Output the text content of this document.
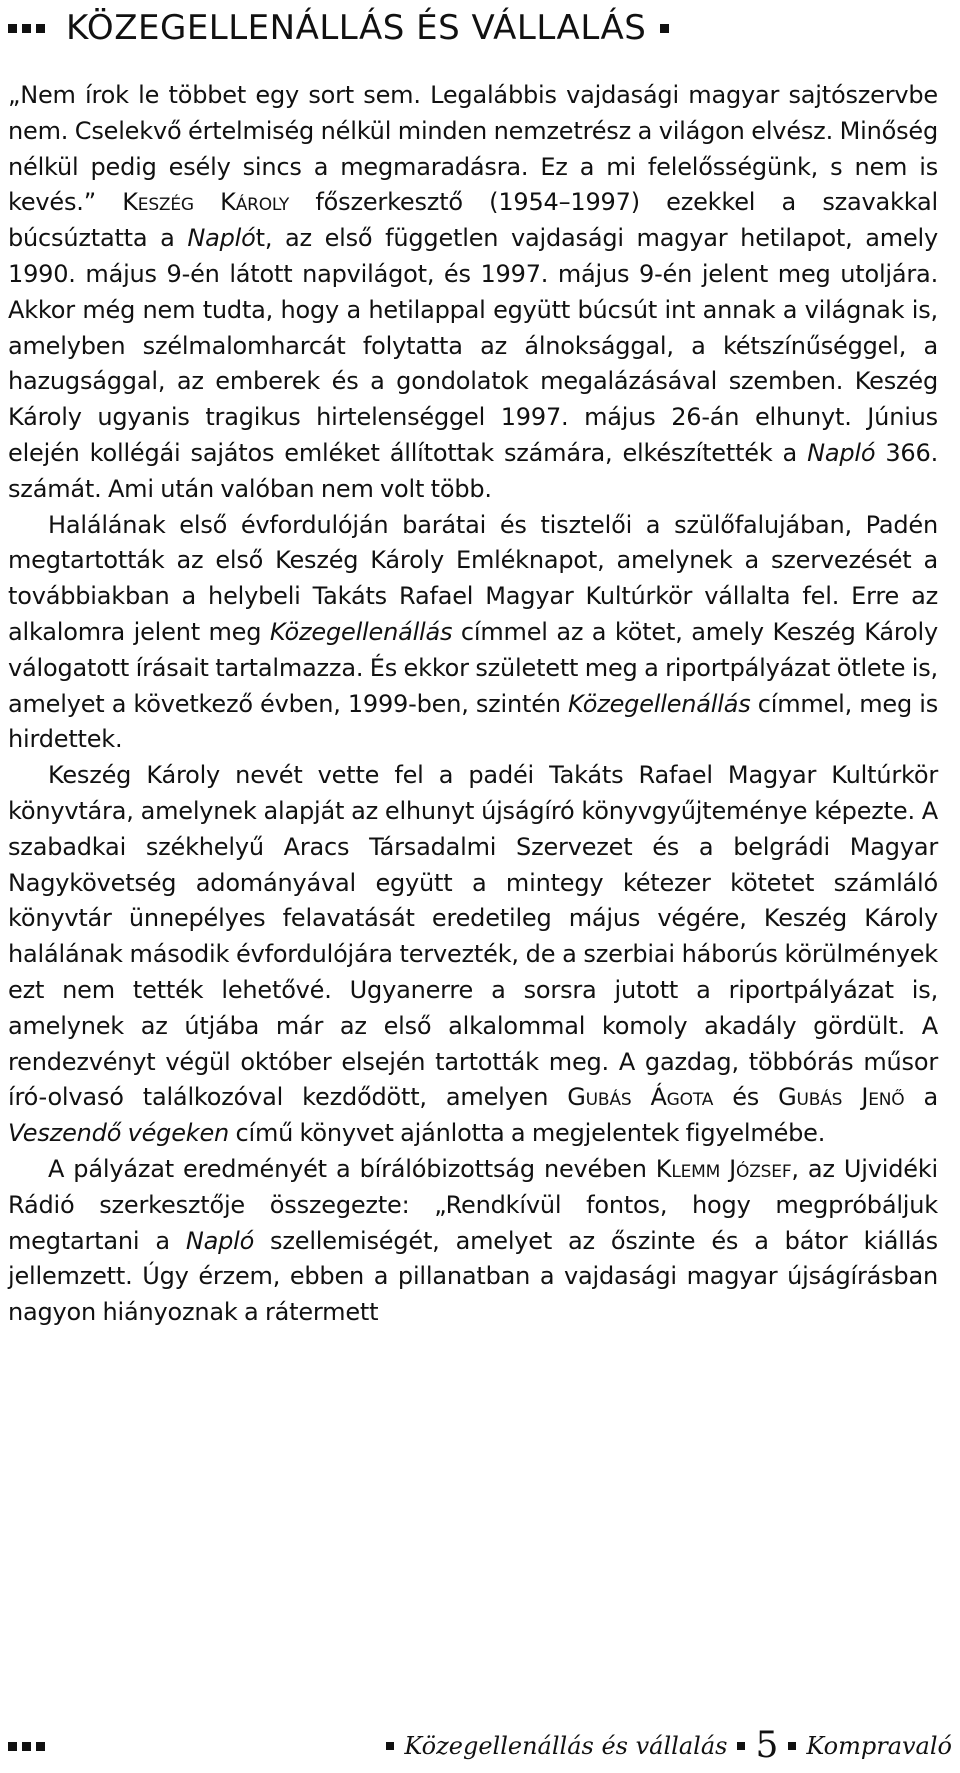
KÖZEGELLENÁLLÁS ÉS VÁLLALÁS

„Nem írok le többet egy sort sem. Legalábbis vajdasági magyar sajtószervbe nem. Cselekvő értelmiség nélkül minden nemzetrész a világon elvész. Minőség nélkül pedig esély sincs a megmaradásra. Ez a mi felelősségünk, s nem is kevés.” Keszég Károly főszerkesztő (1954–1997) ezekkel a szavakkal búcsúztatta a Naplót, az első független vajdasági magyar hetilapot, amely 1990. május 9-én látott napvilágot, és 1997. május 9-én jelent meg utoljára. Akkor még nem tudta, hogy a hetilappal együtt búcsút int annak a világnak is, amelyben szélmalomharcát folytatta az álnoksággal, a kétszínűséggel, a hazugsággal, az emberek és a gondolatok megalázásával szemben. Keszég Károly ugyanis tragikus hirtelenséggel 1997. május 26-án elhunyt. Június elején kollégái sajátos emléket állítottak számára, elkészítették a Napló 366. számát. Ami után valóban nem volt több.

Halálának első évfordulóján barátai és tisztelői a szülőfalujában, Padén megtartották az első Keszég Károly Emléknapot, amelynek a szervezését a továbbiakban a helybeli Takáts Rafael Magyar Kultúrkör vállalta fel. Erre az alkalomra jelent meg Közegellenállás címmel az a kötet, amely Keszég Károly válogatott írásait tartalmazza. És ekkor született meg a riportpályázat ötlete is, amelyet a következő évben, 1999-ben, szintén Közegellenállás címmel, meg is hirdettek.

Keszég Károly nevét vette fel a padéi Takáts Rafael Magyar Kultúrkör könyvtára, amelynek alapját az elhunyt újságíró könyvgyűjteménye képezte. A szabadkai székhelyű Aracs Társadalmi Szervezet és a belgrádi Magyar Nagykövetség adományával együtt a mintegy kétezer kötetet számláló könyvtár ünnepélyes felavatását eredetileg május végére, Keszég Károly halálának második évfordulójára tervezték, de a szerbiai háborús körülmények ezt nem tették lehetővé. Ugyanerre a sorsra jutott a riportpályázat is, amelynek az útjába már az első alkalommal komoly akadály gördült. A rendezvényt végül október elsején tartották meg. A gazdag, többórás műsor író-olvasó találkozóval kezdődött, amelyen Gubás Ágota és Gubás Jenő a Veszendő végeken című könyvet ajánlotta a megjelentek figyelmébe.

A pályázat eredményét a bírálóbizottság nevében Klemm József, az Ujvidéki Rádió szerkesztője összegezte: „Rendkívül fontos, hogy megpróbáljuk megtartani a Napló szellemiségét, amelyet az őszinte és a bátor kiállás jellemzett. Úgy érzem, ebben a pillanatban a vajdasági magyar újságírásban nagyon hiányoznak a rátermett

Közegellenállás és vállalás 5 Kompravaló
